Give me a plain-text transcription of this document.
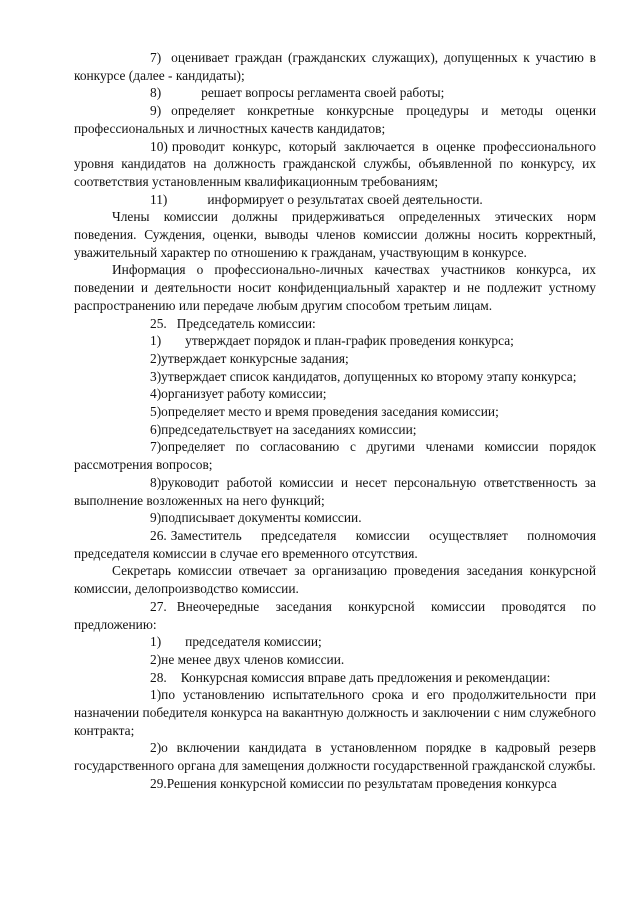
7) оценивает граждан (гражданских служащих), допущенных к участию в конкурсе (далее - кандидаты);

8)	решает вопросы регламента своей работы;

9) определяет конкретные конкурсные процедуры и методы оценки профессиональных и личностных качеств кандидатов;

10) проводит конкурс, который заключается в оценке профессионального уровня кандидатов на должность гражданской службы, объявленной по конкурсу, их соответствия установленным квалификационным требованиям;

11)	информирует о результатах своей деятельности.

Члены комиссии должны придерживаться определенных этических норм поведения. Суждения, оценки, выводы членов комиссии должны носить корректный, уважительный характер по отношению к гражданам, участвующим в конкурсе.

Информация о профессионально-личных качествах участников конкурса, их поведении и деятельности носит конфиденциальный характер и не подлежит устному распространению или передаче любым другим способом третьим лицам.

25. Председатель комиссии:

1) утверждает порядок и план-график проведения конкурса;

2)утверждает конкурсные задания;

3)утверждает список кандидатов, допущенных ко второму этапу конкурса;

4)организует работу комиссии;

5)определяет место и время проведения заседания комиссии;

6)председательствует на заседаниях комиссии;

7)определяет по согласованию с другими членами комиссии порядок рассмотрения вопросов;

8)руководит работой комиссии и несет персональную ответственность за выполнение возложенных на него функций;

9)подписывает документы комиссии.

26. Заместитель председателя комиссии осуществляет полномочия председателя комиссии в случае его временного отсутствия.

Секретарь комиссии отвечает за организацию проведения заседания конкурсной комиссии, делопроизводство комиссии.

27. Внеочередные заседания конкурсной комиссии проводятся по предложению:

1) председателя комиссии;

2)не менее двух членов комиссии.

28. Конкурсная комиссия вправе дать предложения и рекомендации:

1)по установлению испытательного срока и его продолжительности при назначении победителя конкурса на вакантную должность и заключении с ним служебного контракта;

2)о включении кандидата в установленном порядке в кадровый резерв государственного органа для замещения должности государственной гражданской службы.

29.Решения конкурсной комиссии по результатам проведения конкурса
